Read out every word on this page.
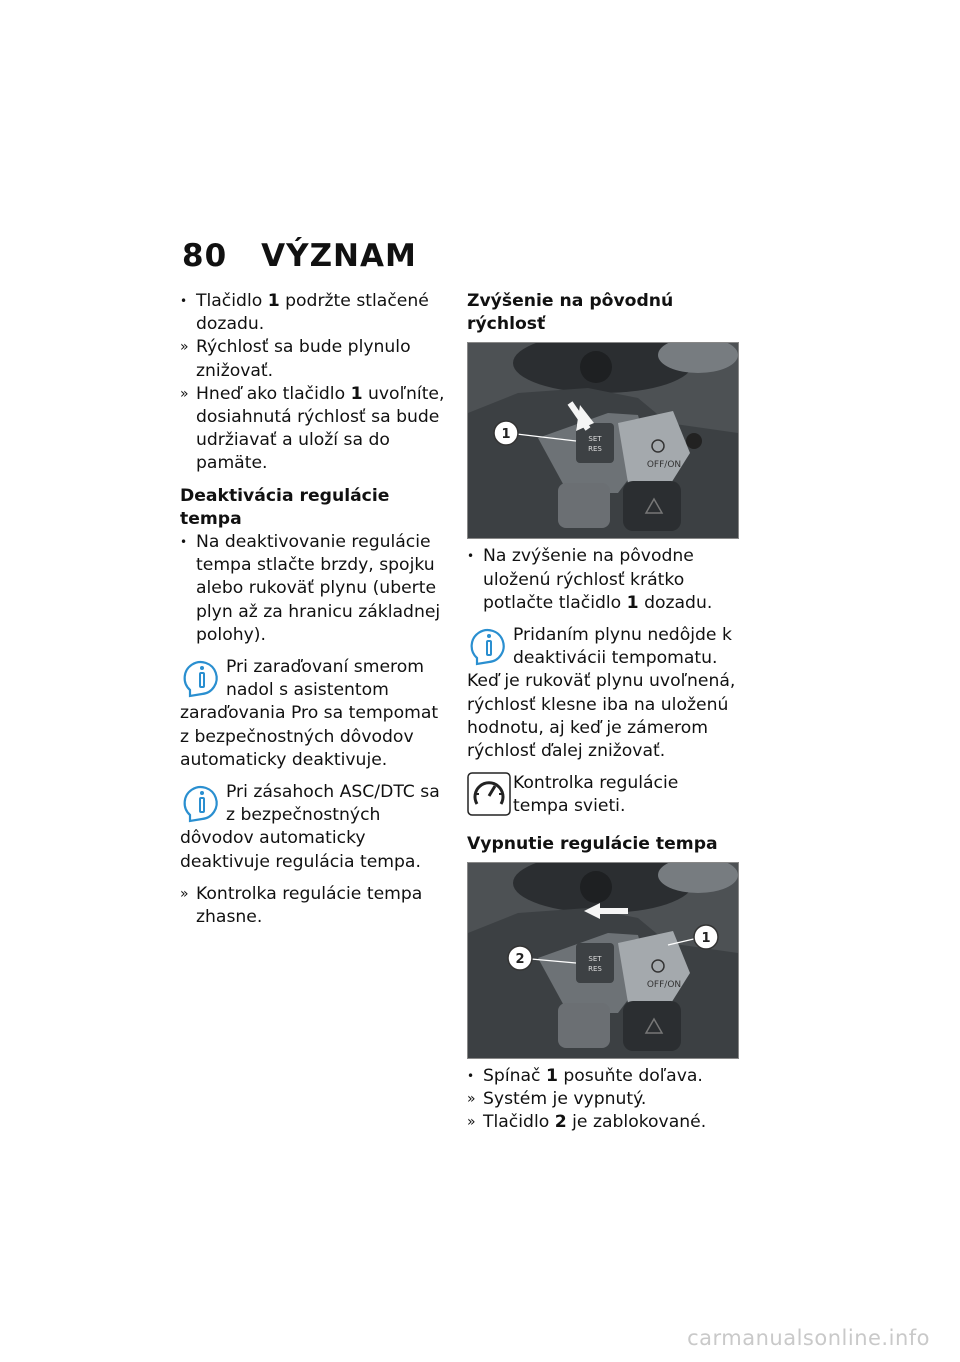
80 VÝZNAM
• Tlačidlo 1 podržte stlačené dozadu.
» Rýchlosť sa bude plynulo znižovať.
» Hneď ako tlačidlo 1 uvoľníte, dosiahnutá rýchlosť sa bude udržiavať a uloží sa do pamäte.
Deaktivácia regulácie tempa
• Na deaktivovanie regulácie tempa stlačte brzdy, spojku alebo rukoväť plynu (uberte plyn až za hranicu základnej polohy).
Pri zaraďovaní smerom nadol s asistentom zaraďovania Pro sa tempomat z bezpečnostných dôvodov automaticky deaktivuje.
Pri zásahoch ASC/DTC sa z bezpečnostných dôvodov automaticky deaktivuje regulácia tempa.
» Kontrolka regulácie tempa zhasne.
Zvýšenie na pôvodnú rýchlosť
SET
RES
OFF/ON
1
• Na zvýšenie na pôvodne uloženú rýchlosť krátko potlačte tlačidlo 1 dozadu.
Pridaním plynu nedôjde k deaktivácii tempomatu. Keď je rukoväť plynu uvoľnená, rýchlosť klesne iba na uloženú hodnotu, aj keď je zámerom rýchlosť ďalej znižovať.
Kontrolka regulácie tempa svieti.
Vypnutie regulácie tempa
SET
RES
OFF/ON
2
1
• Spínač 1 posuňte doľava.
» Systém je vypnutý.
» Tlačidlo 2 je zablokované.
carmanualsonline.info
